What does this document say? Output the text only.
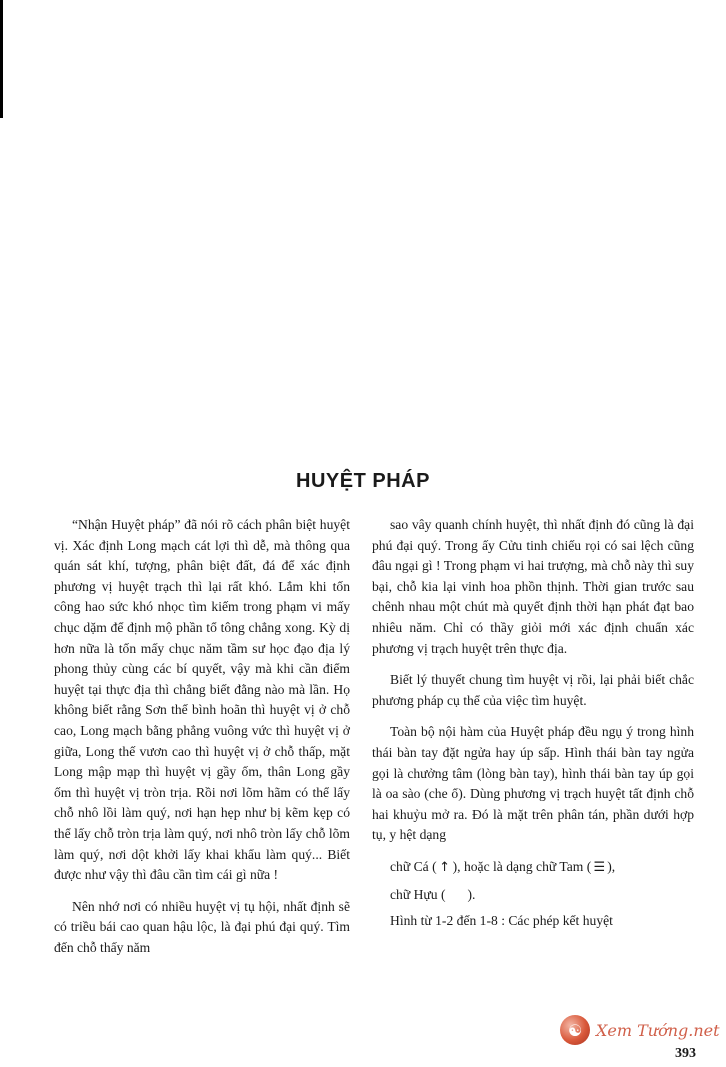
HUYỆT PHÁP

“Nhận Huyệt pháp” đã nói rõ cách phân biệt huyệt vị. Xác định Long mạch cát lợi thì dễ, mà thông qua quán sát khí, tượng, phân biệt đất, đá để xác định phương vị huyệt trạch thì lại rất khó. Lắm khi tốn công hao sức khó nhọc tìm kiếm trong phạm vi mấy chục dặm để định mộ phần tổ tông chẳng xong. Kỳ dị hơn nữa là tốn mấy chục năm tầm sư học đạo địa lý phong thủy cùng các bí quyết, vậy mà khi cần điểm huyệt tại thực địa thì chẳng biết đằng nào mà lần. Họ không biết rằng Sơn thế bình hoãn thì huyệt vị ở chỗ cao, Long mạch bằng phẳng vuông vức thì huyệt vị ở giữa, Long thế vươn cao thì huyệt vị ở chỗ thấp, mặt Long mập mạp thì huyệt vị gầy ốm, thân Long gầy ốm thì huyệt vị tròn trịa. Rồi nơi lõm hãm có thể lấy chỗ nhô lồi làm quý, nơi hạn hẹp như bị kẽm kẹp có thể lấy chỗ tròn trịa làm quý, nơi nhô tròn lấy chỗ lõm làm quý, nơi dột khởi lấy khai khẩu làm quý... Biết được như vậy thì đâu cần tìm cái gì nữa !

Nên nhớ nơi có nhiều huyệt vị tụ hội, nhất định sẽ có triều bái cao quan hậu lộc, là đại phú đại quý. Tìm đến chỗ thấy năm

sao vây quanh chính huyệt, thì nhất định đó cũng là đại phú đại quý. Trong ấy Cửu tinh chiếu rọi có sai lệch cũng đâu ngại gì ! Trong phạm vi hai trượng, mà chỗ này thì suy bại, chỗ kia lại vinh hoa phồn thịnh. Thời gian trước sau chênh nhau một chút mà quyết định thời hạn phát đạt bao nhiêu năm. Chỉ có thầy giỏi mới xác định chuẩn xác phương vị trạch huyệt trên thực địa.

Biết lý thuyết chung tìm huyệt vị rồi, lại phải biết chắc phương pháp cụ thể của việc tìm huyệt.

Toàn bộ nội hàm của Huyệt pháp đều ngụ ý trong hình thái bàn tay đặt ngửa hay úp sấp. Hình thái bàn tay ngửa gọi là chưởng tâm (lòng bàn tay), hình thái bàn tay úp gọi là oa sào (che ổ). Dùng phương vị trạch huyệt tất định chỗ hai khuỷu mở ra. Đó là mặt trên phân tán, phần dưới hợp tụ, y hệt dạng

chữ Cá ( ↑ ), hoặc là dạng chữ Tam ( ☰ ),

chữ Hựu ( ).

Hình từ 1-2 đến 1-8 : Các phép kết huyệt

☯ Xem Tướng.net
393
